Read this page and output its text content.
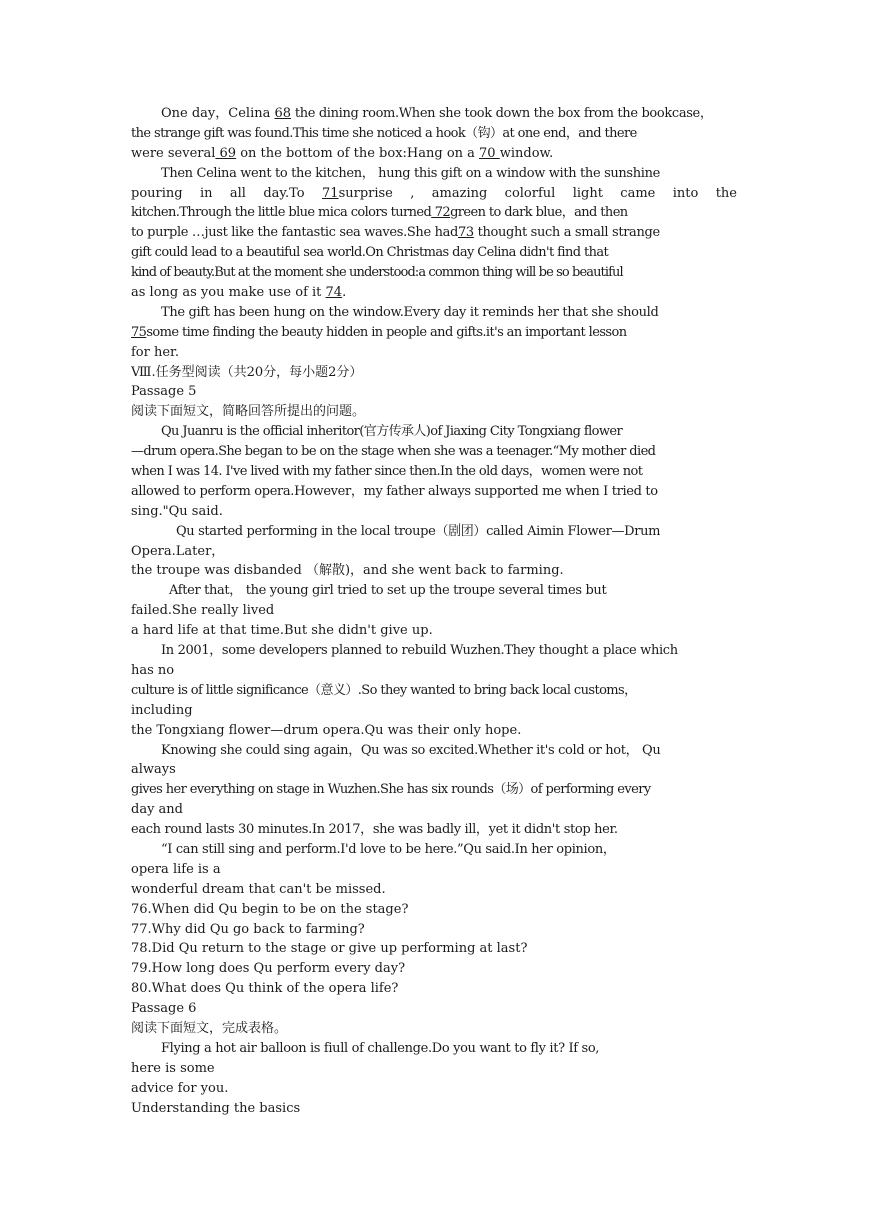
One day，Celina 68 the dining room.When she took down the box from the bookcase，
the strange gift was found.This time she noticed a hook（钩）at one end，and there
were several 69 on the bottom of the box:Hang on a 70 window.
Then Celina went to the kitchen， hung this gift on a window with the sunshine
pouring in all day.To 71surprise , amazing colorful light came into the
kitchen.Through the little blue mica colors turned 72green to dark blue，and then
to purple …just like the fantastic sea waves.She had73 thought such a small strange
gift could lead to a beautiful sea world.On Christmas day Celina didn't find that
kind of beauty.But at the moment she understood:a common thing will be so beautiful
as long as you make use of it 74.
The gift has been hung on the window.Every day it reminds her that she should
75some time finding the beauty hidden in people and gifts.it's an important lesson
for her.
Ⅷ.任务型阅读（共20分，每小题2分）
Passage 5
阅读下面短文，简略回答所提出的问题。
Qu Juanru is the official inheritor(官方传承人)of Jiaxing City Tongxiang flower
—drum opera.She began to be on the stage when she was a teenager.“My mother died
when I was 14. I've lived with my father since then.In the old days，women were not
allowed to perform opera.However，my father always supported me when I tried to
sing."Qu said.
Qu started performing in the local troupe（剧团）called Aimin Flower—Drum
Opera.Later，
the troupe was disbanded （解散)，and she went back to farming.
After that， the young girl tried to set up the troupe several times but
failed.She really lived
a hard life at that time.But she didn't give up.
In 2001，some developers planned to rebuild Wuzhen.They thought a place which
has no
culture is of little significance（意义）.So they wanted to bring back local customs，
including
the Tongxiang flower—drum opera.Qu was their only hope.
Knowing she could sing again，Qu was so excited.Whether it's cold or hot， Qu
always
gives her everything on stage in Wuzhen.She has six rounds（场）of performing every
day and
each round lasts 30 minutes.In 2017，she was badly ill，yet it didn't stop her.
“I can still sing and perform.I'd love to be here.”Qu said.In her opinion，
opera life is a
wonderful dream that can't be missed.
76.When did Qu begin to be on the stage?
77.Why did Qu go back to farming?
78.Did Qu return to the stage or give up performing at last?
79.How long does Qu perform every day?
80.What does Qu think of the opera life?
Passage 6
阅读下面短文，完成表格。
Flying a hot air balloon is fiull of challenge.Do you want to fly it? If so,
here is some
advice for you.
Understanding the basics
